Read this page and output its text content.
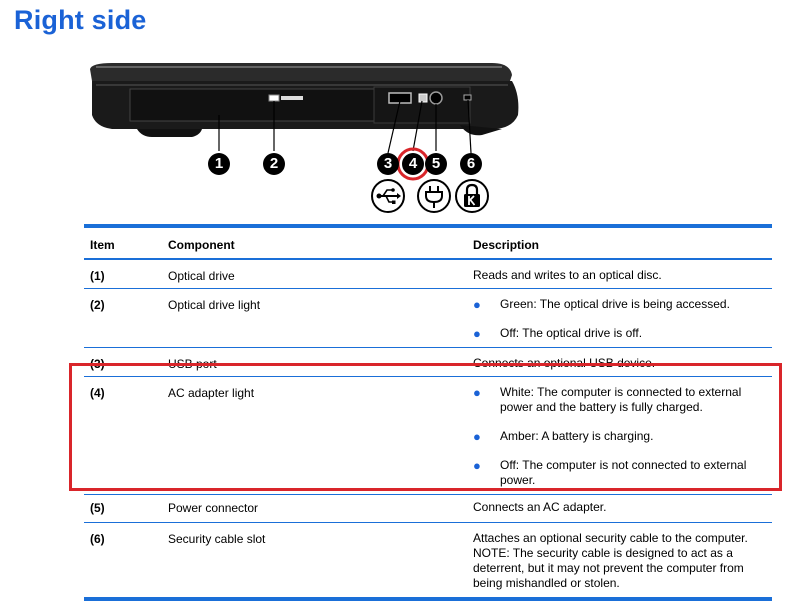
Right side
1	2	3	4 5	6
Item	Component	Description
(1)	Optical drive	Reads and writes to an optical disc.
(2)	Optical drive light	● Green: The optical drive is being accessed.
● Off: The optical drive is off.
(3)	USB port	Connects an optional USB device.
(4)	AC adapter light	● White: The computer is connected to external power and the battery is fully charged.
● Amber: A battery is charging.
● Off: The computer is not connected to external power.
(5)	Power connector	Connects an AC adapter.
(6)	Security cable slot	Attaches an optional security cable to the computer. NOTE: The security cable is designed to act as a deterrent, but it may not prevent the computer from being mishandled or stolen.
